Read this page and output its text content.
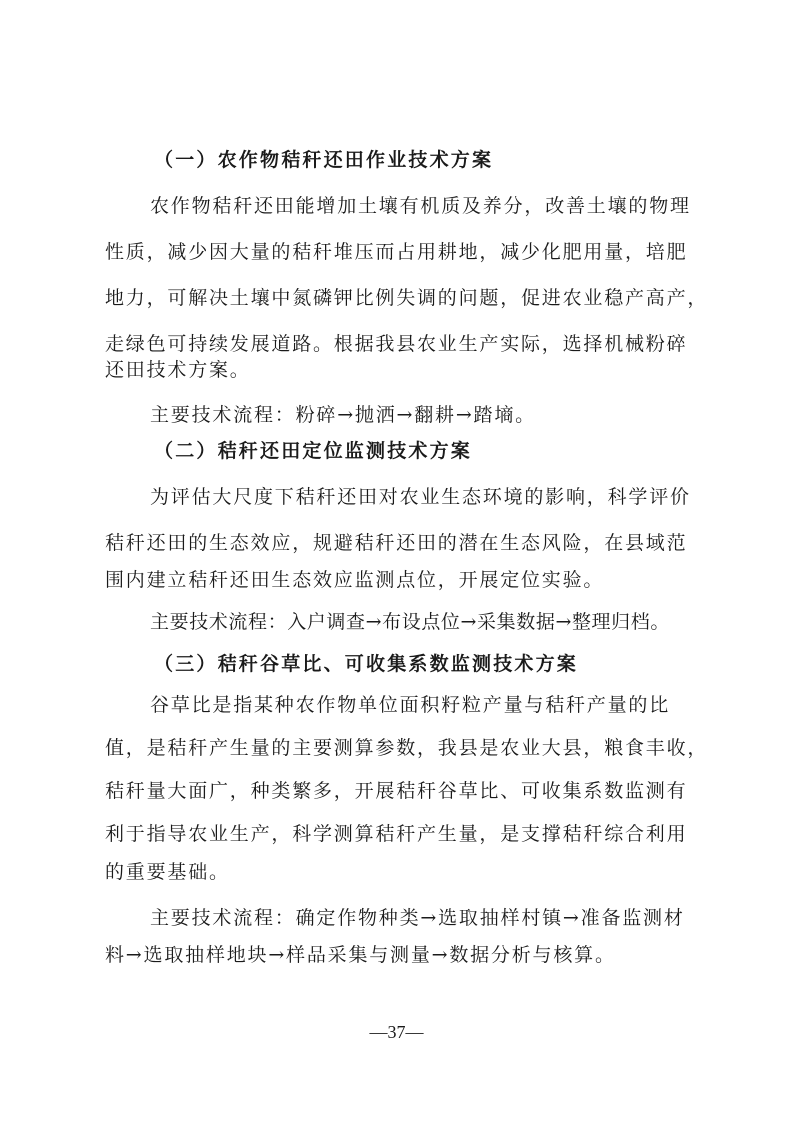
（一）农作物秸秆还田作业技术方案
农作物秸秆还田能增加土壤有机质及养分，改善土壤的物理
性质，减少因大量的秸秆堆压而占用耕地，减少化肥用量，培肥
地力，可解决土壤中氮磷钾比例失调的问题，促进农业稳产高产，
走绿色可持续发展道路。根据我县农业生产实际，选择机械粉碎
还田技术方案。
主要技术流程：粉碎→抛洒→翻耕→踏墒。
（二）秸秆还田定位监测技术方案
为评估大尺度下秸秆还田对农业生态环境的影响，科学评价
秸秆还田的生态效应，规避秸秆还田的潜在生态风险，在县域范
围内建立秸秆还田生态效应监测点位，开展定位实验。
主要技术流程：入户调查→布设点位→采集数据→整理归档。
（三）秸秆谷草比、可收集系数监测技术方案
谷草比是指某种农作物单位面积籽粒产量与秸秆产量的比
值，是秸秆产生量的主要测算参数，我县是农业大县，粮食丰收，
秸秆量大面广，种类繁多，开展秸秆谷草比、可收集系数监测有
利于指导农业生产，科学测算秸秆产生量，是支撑秸秆综合利用
的重要基础。
主要技术流程：确定作物种类→选取抽样村镇→准备监测材
料→选取抽样地块→样品采集与测量→数据分析与核算。
—37—
